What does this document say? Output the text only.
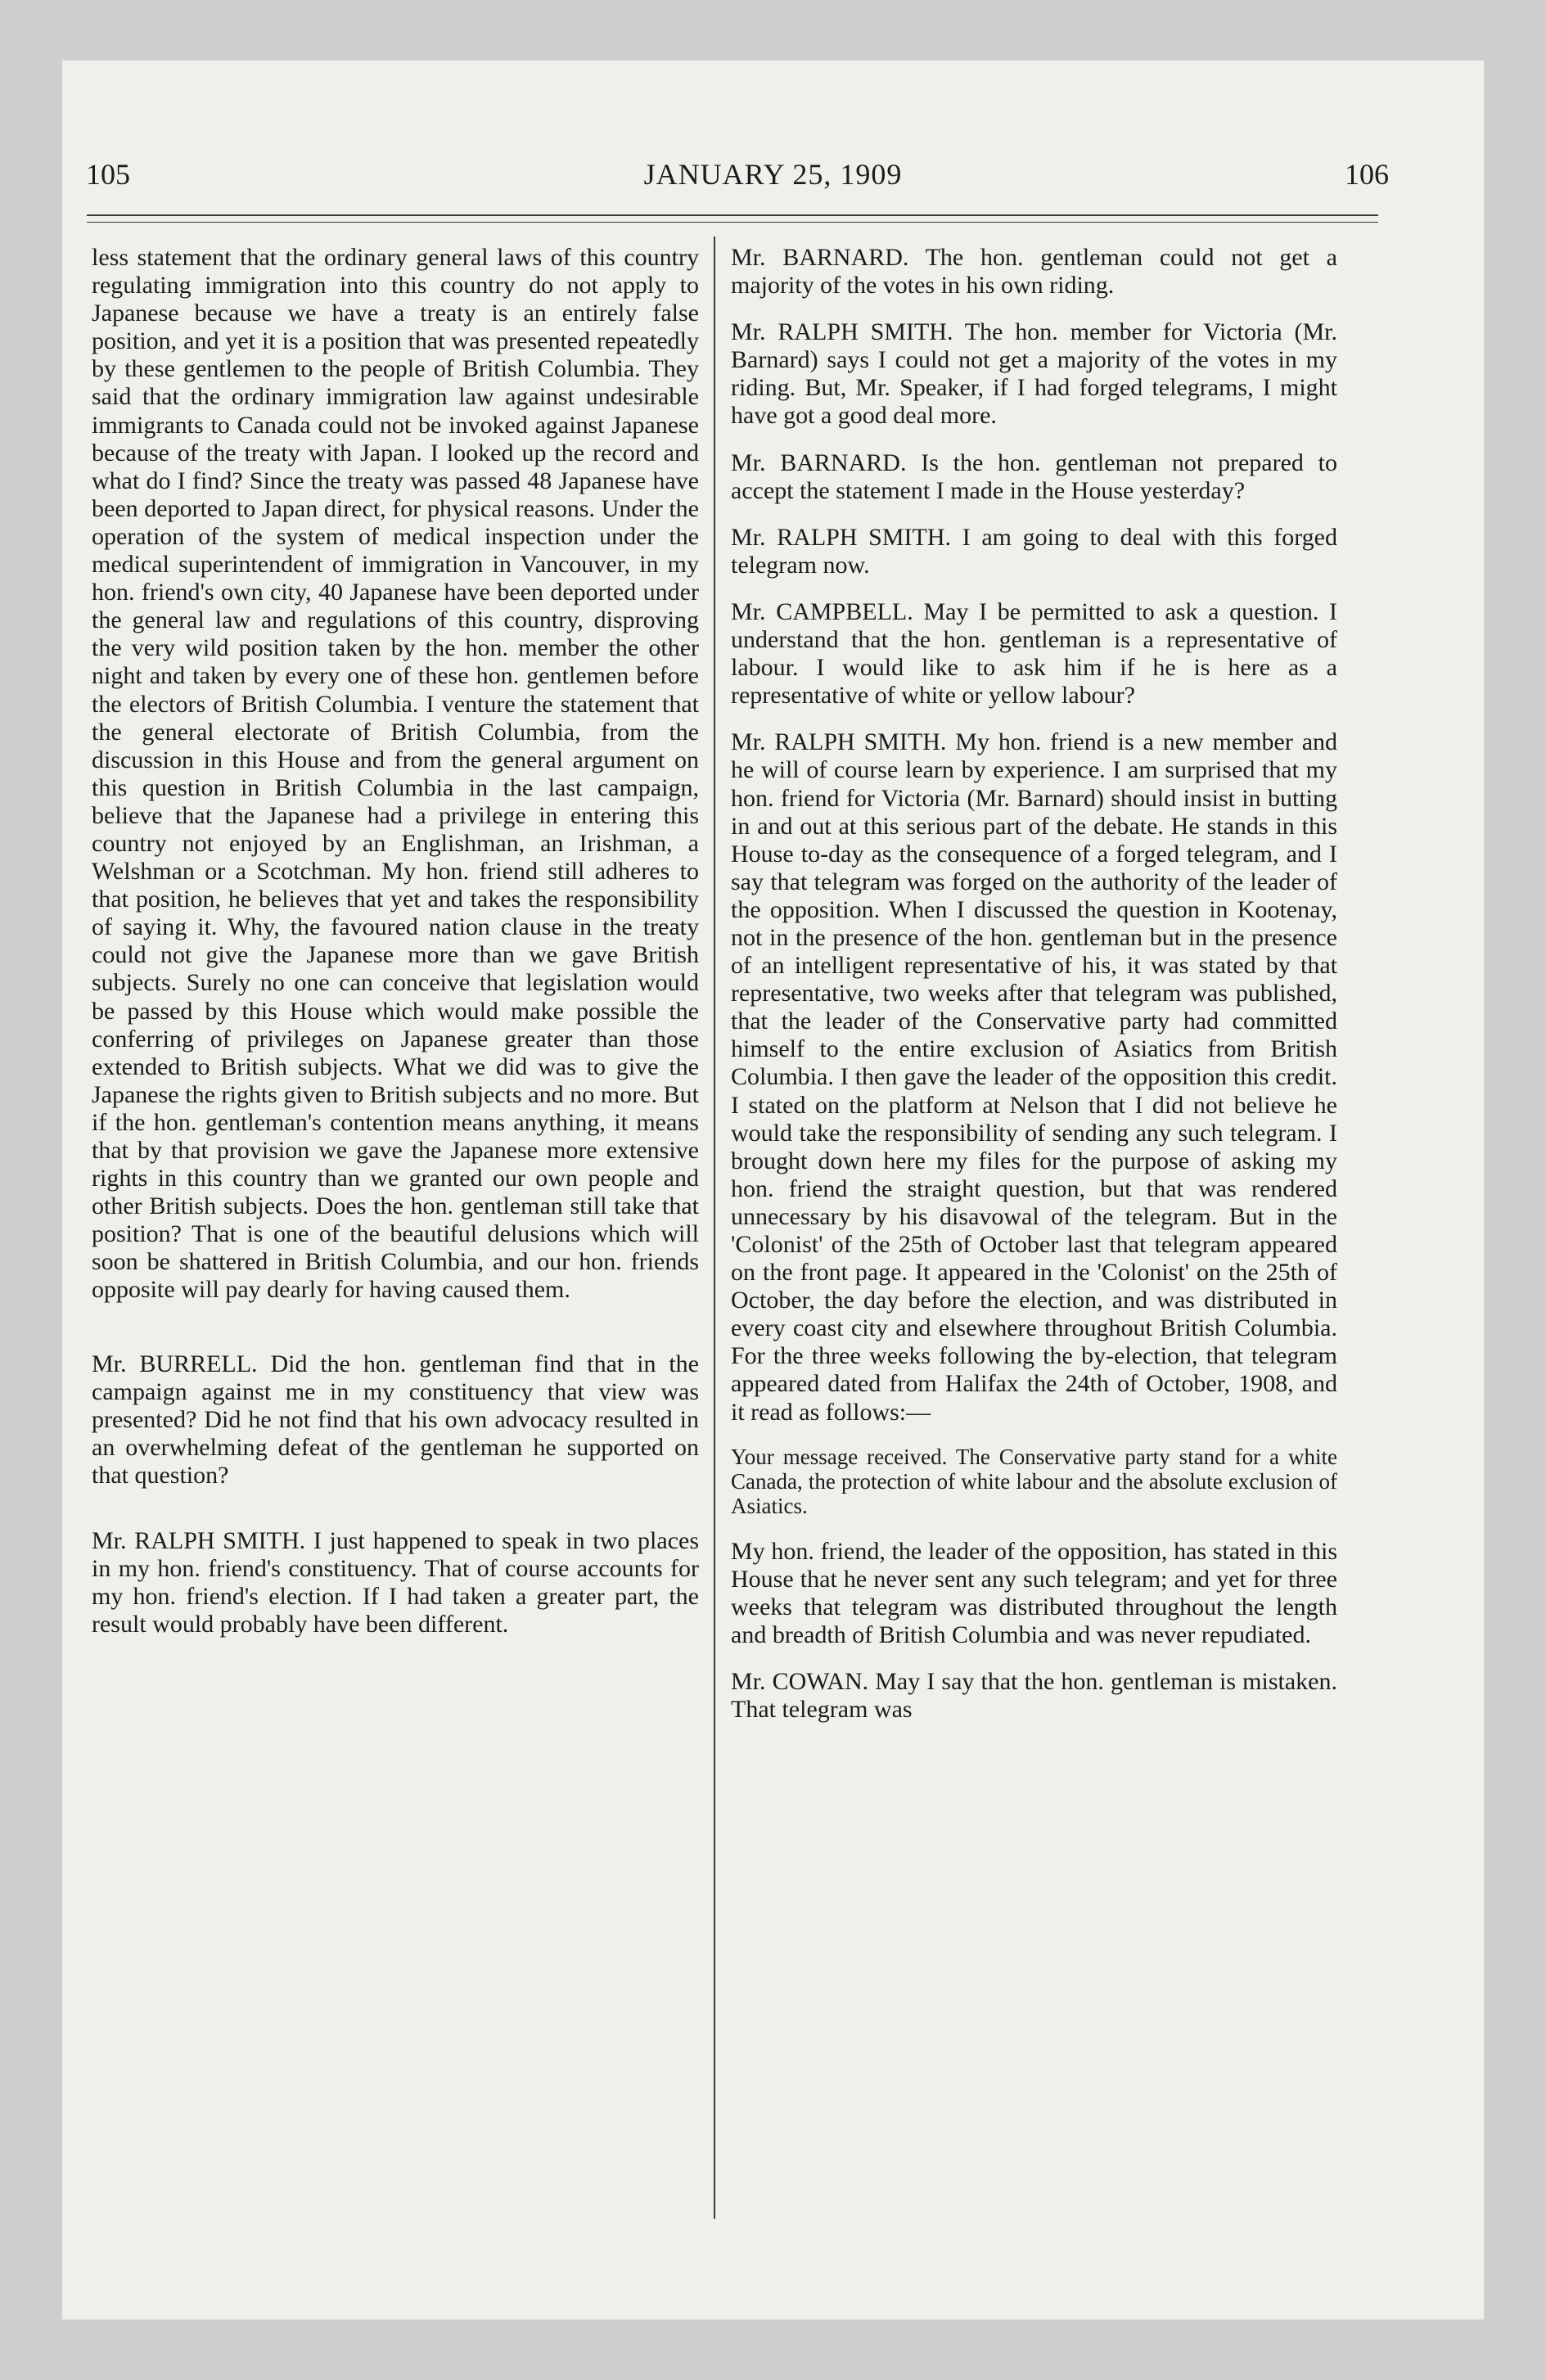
105	JANUARY 25, 1909	106

less statement that the ordinary general laws of this country regulating immigration into this country do not apply to Japanese because we have a treaty is an entirely false position, and yet it is a position that was presented repeatedly by these gentlemen to the people of British Columbia. They said that the ordinary immigration law against undesirable immigrants to Canada could not be invoked against Japanese because of the treaty with Japan. I looked up the record and what do I find? Since the treaty was passed 48 Japanese have been deported to Japan direct, for physical reasons. Under the operation of the system of medical inspection under the medical superintendent of immigration in Vancouver, in my hon. friend's own city, 40 Japanese have been deported under the general law and regulations of this country, disproving the very wild position taken by the hon. member the other night and taken by every one of these hon. gentlemen before the electors of British Columbia. I venture the statement that the general electorate of British Columbia, from the discussion in this House and from the general argument on this question in British Columbia in the last campaign, believe that the Japanese had a privilege in entering this country not enjoyed by an Englishman, an Irishman, a Welshman or a Scotchman. My hon. friend still adheres to that position, he believes that yet and takes the responsibility of saying it. Why, the favoured nation clause in the treaty could not give the Japanese more than we gave British subjects. Surely no one can conceive that legislation would be passed by this House which would make possible the conferring of privileges on Japanese greater than those extended to British subjects. What we did was to give the Japanese the rights given to British subjects and no more. But if the hon. gentleman's contention means anything, it means that by that provision we gave the Japanese more extensive rights in this country than we granted our own people and other British subjects. Does the hon. gentleman still take that position? That is one of the beautiful delusions which will soon be shattered in British Columbia, and our hon. friends opposite will pay dearly for having caused them.

Mr. BURRELL. Did the hon. gentleman find that in the campaign against me in my constituency that view was presented? Did he not find that his own advocacy resulted in an overwhelming defeat of the gentleman he supported on that question?

Mr. RALPH SMITH. I just happened to speak in two places in my hon. friend's constituency. That of course accounts for my hon. friend's election. If I had taken a greater part, the result would probably have been different.

Mr. BARNARD. The hon. gentleman could not get a majority of the votes in his own riding.

Mr. RALPH SMITH. The hon. member for Victoria (Mr. Barnard) says I could not get a majority of the votes in my riding. But, Mr. Speaker, if I had forged telegrams, I might have got a good deal more.

Mr. BARNARD. Is the hon. gentleman not prepared to accept the statement I made in the House yesterday?

Mr. RALPH SMITH. I am going to deal with this forged telegram now.

Mr. CAMPBELL. May I be permitted to ask a question. I understand that the hon. gentleman is a representative of labour. I would like to ask him if he is here as a representative of white or yellow labour?

Mr. RALPH SMITH. My hon. friend is a new member and he will of course learn by experience. I am surprised that my hon. friend for Victoria (Mr. Barnard) should insist in butting in and out at this serious part of the debate. He stands in this House to-day as the consequence of a forged telegram, and I say that telegram was forged on the authority of the leader of the opposition. When I discussed the question in Kootenay, not in the presence of the hon. gentleman but in the presence of an intelligent representative of his, it was stated by that representative, two weeks after that telegram was published, that the leader of the Conservative party had committed himself to the entire exclusion of Asiatics from British Columbia. I then gave the leader of the opposition this credit. I stated on the platform at Nelson that I did not believe he would take the responsibility of sending any such telegram. I brought down here my files for the purpose of asking my hon. friend the straight question, but that was rendered unnecessary by his disavowal of the telegram. But in the 'Colonist' of the 25th of October last that telegram appeared on the front page. It appeared in the 'Colonist' on the 25th of October, the day before the election, and was distributed in every coast city and elsewhere throughout British Columbia. For the three weeks following the by-election, that telegram appeared dated from Halifax the 24th of October, 1908, and it read as follows:—

Your message received. The Conservative party stand for a white Canada, the protection of white labour and the absolute exclusion of Asiatics.

My hon. friend, the leader of the opposition, has stated in this House that he never sent any such telegram; and yet for three weeks that telegram was distributed throughout the length and breadth of British Columbia and was never repudiated.

Mr. COWAN. May I say that the hon. gentleman is mistaken. That telegram was
